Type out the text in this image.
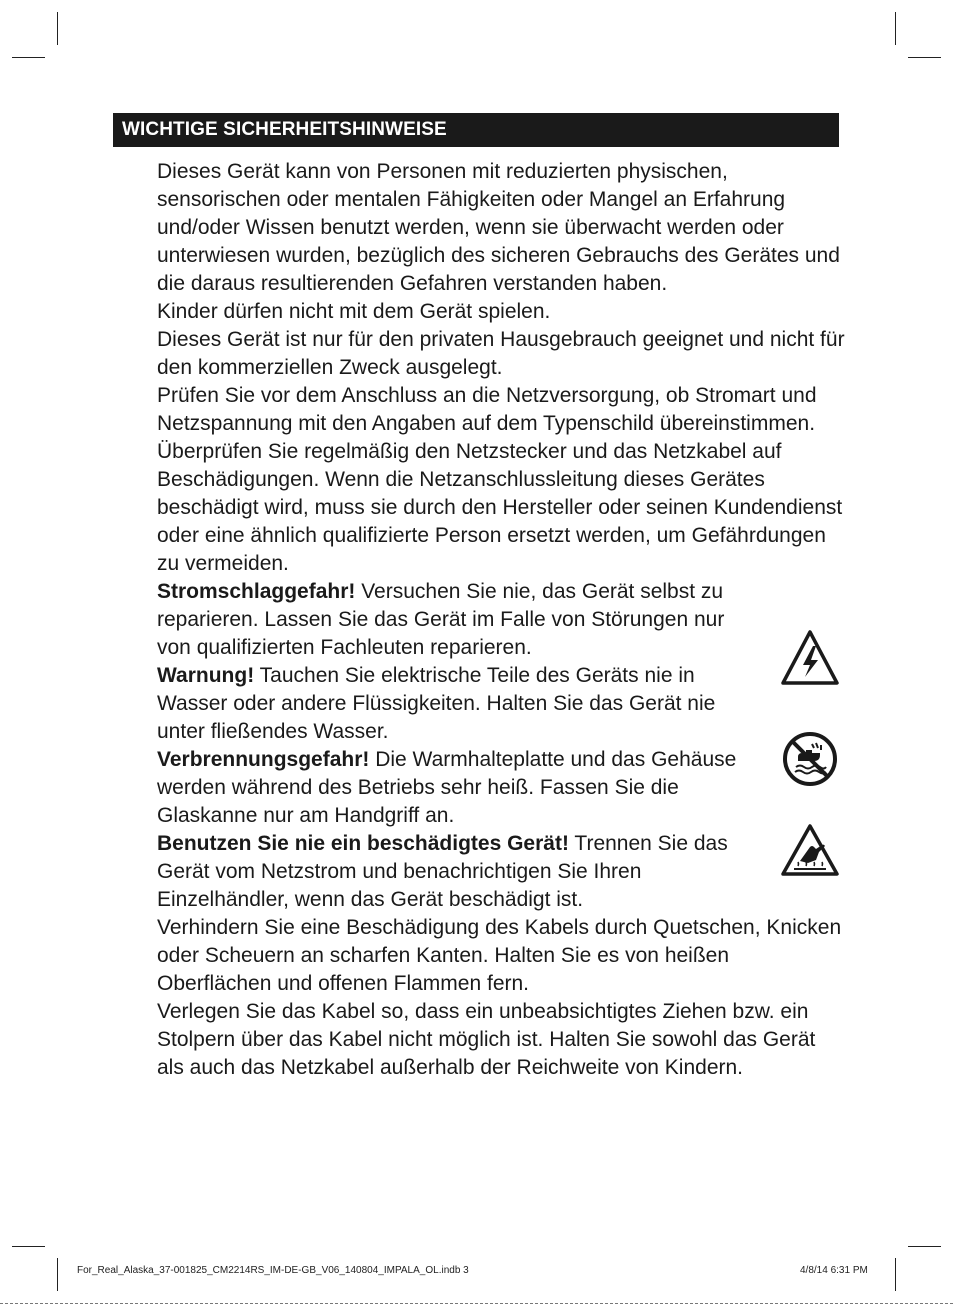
WICHTIGE SICHERHEITSHINWEISE

Dieses Gerät kann von Personen mit reduzierten physischen, sensorischen oder mentalen Fähigkeiten oder Mangel an Erfahrung und/oder Wissen benutzt werden, wenn sie überwacht werden oder unterwiesen wurden, bezüglich des sicheren Gebrauchs des Gerätes und die daraus resultierenden Gefahren verstanden haben.

Kinder dürfen nicht mit dem Gerät spielen.

Dieses Gerät ist nur für den privaten Hausgebrauch geeignet und nicht für den kommerziellen Zweck ausgelegt.

Prüfen Sie vor dem Anschluss an die Netzversorgung, ob Stromart und Netzspannung mit den Angaben auf dem Typenschild übereinstimmen.

Überprüfen Sie regelmäßig den Netzstecker und das Netzkabel auf Beschädigungen. Wenn die Netzanschlussleitung dieses Gerätes beschädigt wird, muss sie durch den Hersteller oder seinen Kundendienst oder eine ähnlich qualifizierte Person ersetzt werden, um Gefährdungen zu vermeiden.

Stromschlaggefahr! Versuchen Sie nie, das Gerät selbst zu reparieren. Lassen Sie das Gerät im Falle von Störungen nur von qualifizierten Fachleuten reparieren.

Warnung! Tauchen Sie elektrische Teile des Geräts nie in Wasser oder andere Flüssigkeiten. Halten Sie das Gerät nie unter fließendes Wasser.

Verbrennungsgefahr! Die Warmhalteplatte und das Gehäuse werden während des Betriebs sehr heiß. Fassen Sie die Glaskanne nur am Handgriff an.

Benutzen Sie nie ein beschädigtes Gerät! Trennen Sie das Gerät vom Netzstrom und benachrichtigen Sie Ihren Einzelhändler, wenn das Gerät beschädigt ist.

Verhindern Sie eine Beschädigung des Kabels durch Quetschen, Knicken oder Scheuern an scharfen Kanten. Halten Sie es von heißen Oberflächen und offenen Flammen fern.

Verlegen Sie das Kabel so, dass ein unbeabsichtigtes Ziehen bzw. ein Stolpern über das Kabel nicht möglich ist. Halten Sie sowohl das Gerät als auch das Netzkabel außerhalb der Reichweite von Kindern.

For_Real_Alaska_37-001825_CM2214RS_IM-DE-GB_V06_140804_IMPALA_OL.indb 3	4/8/14 6:31 PM
